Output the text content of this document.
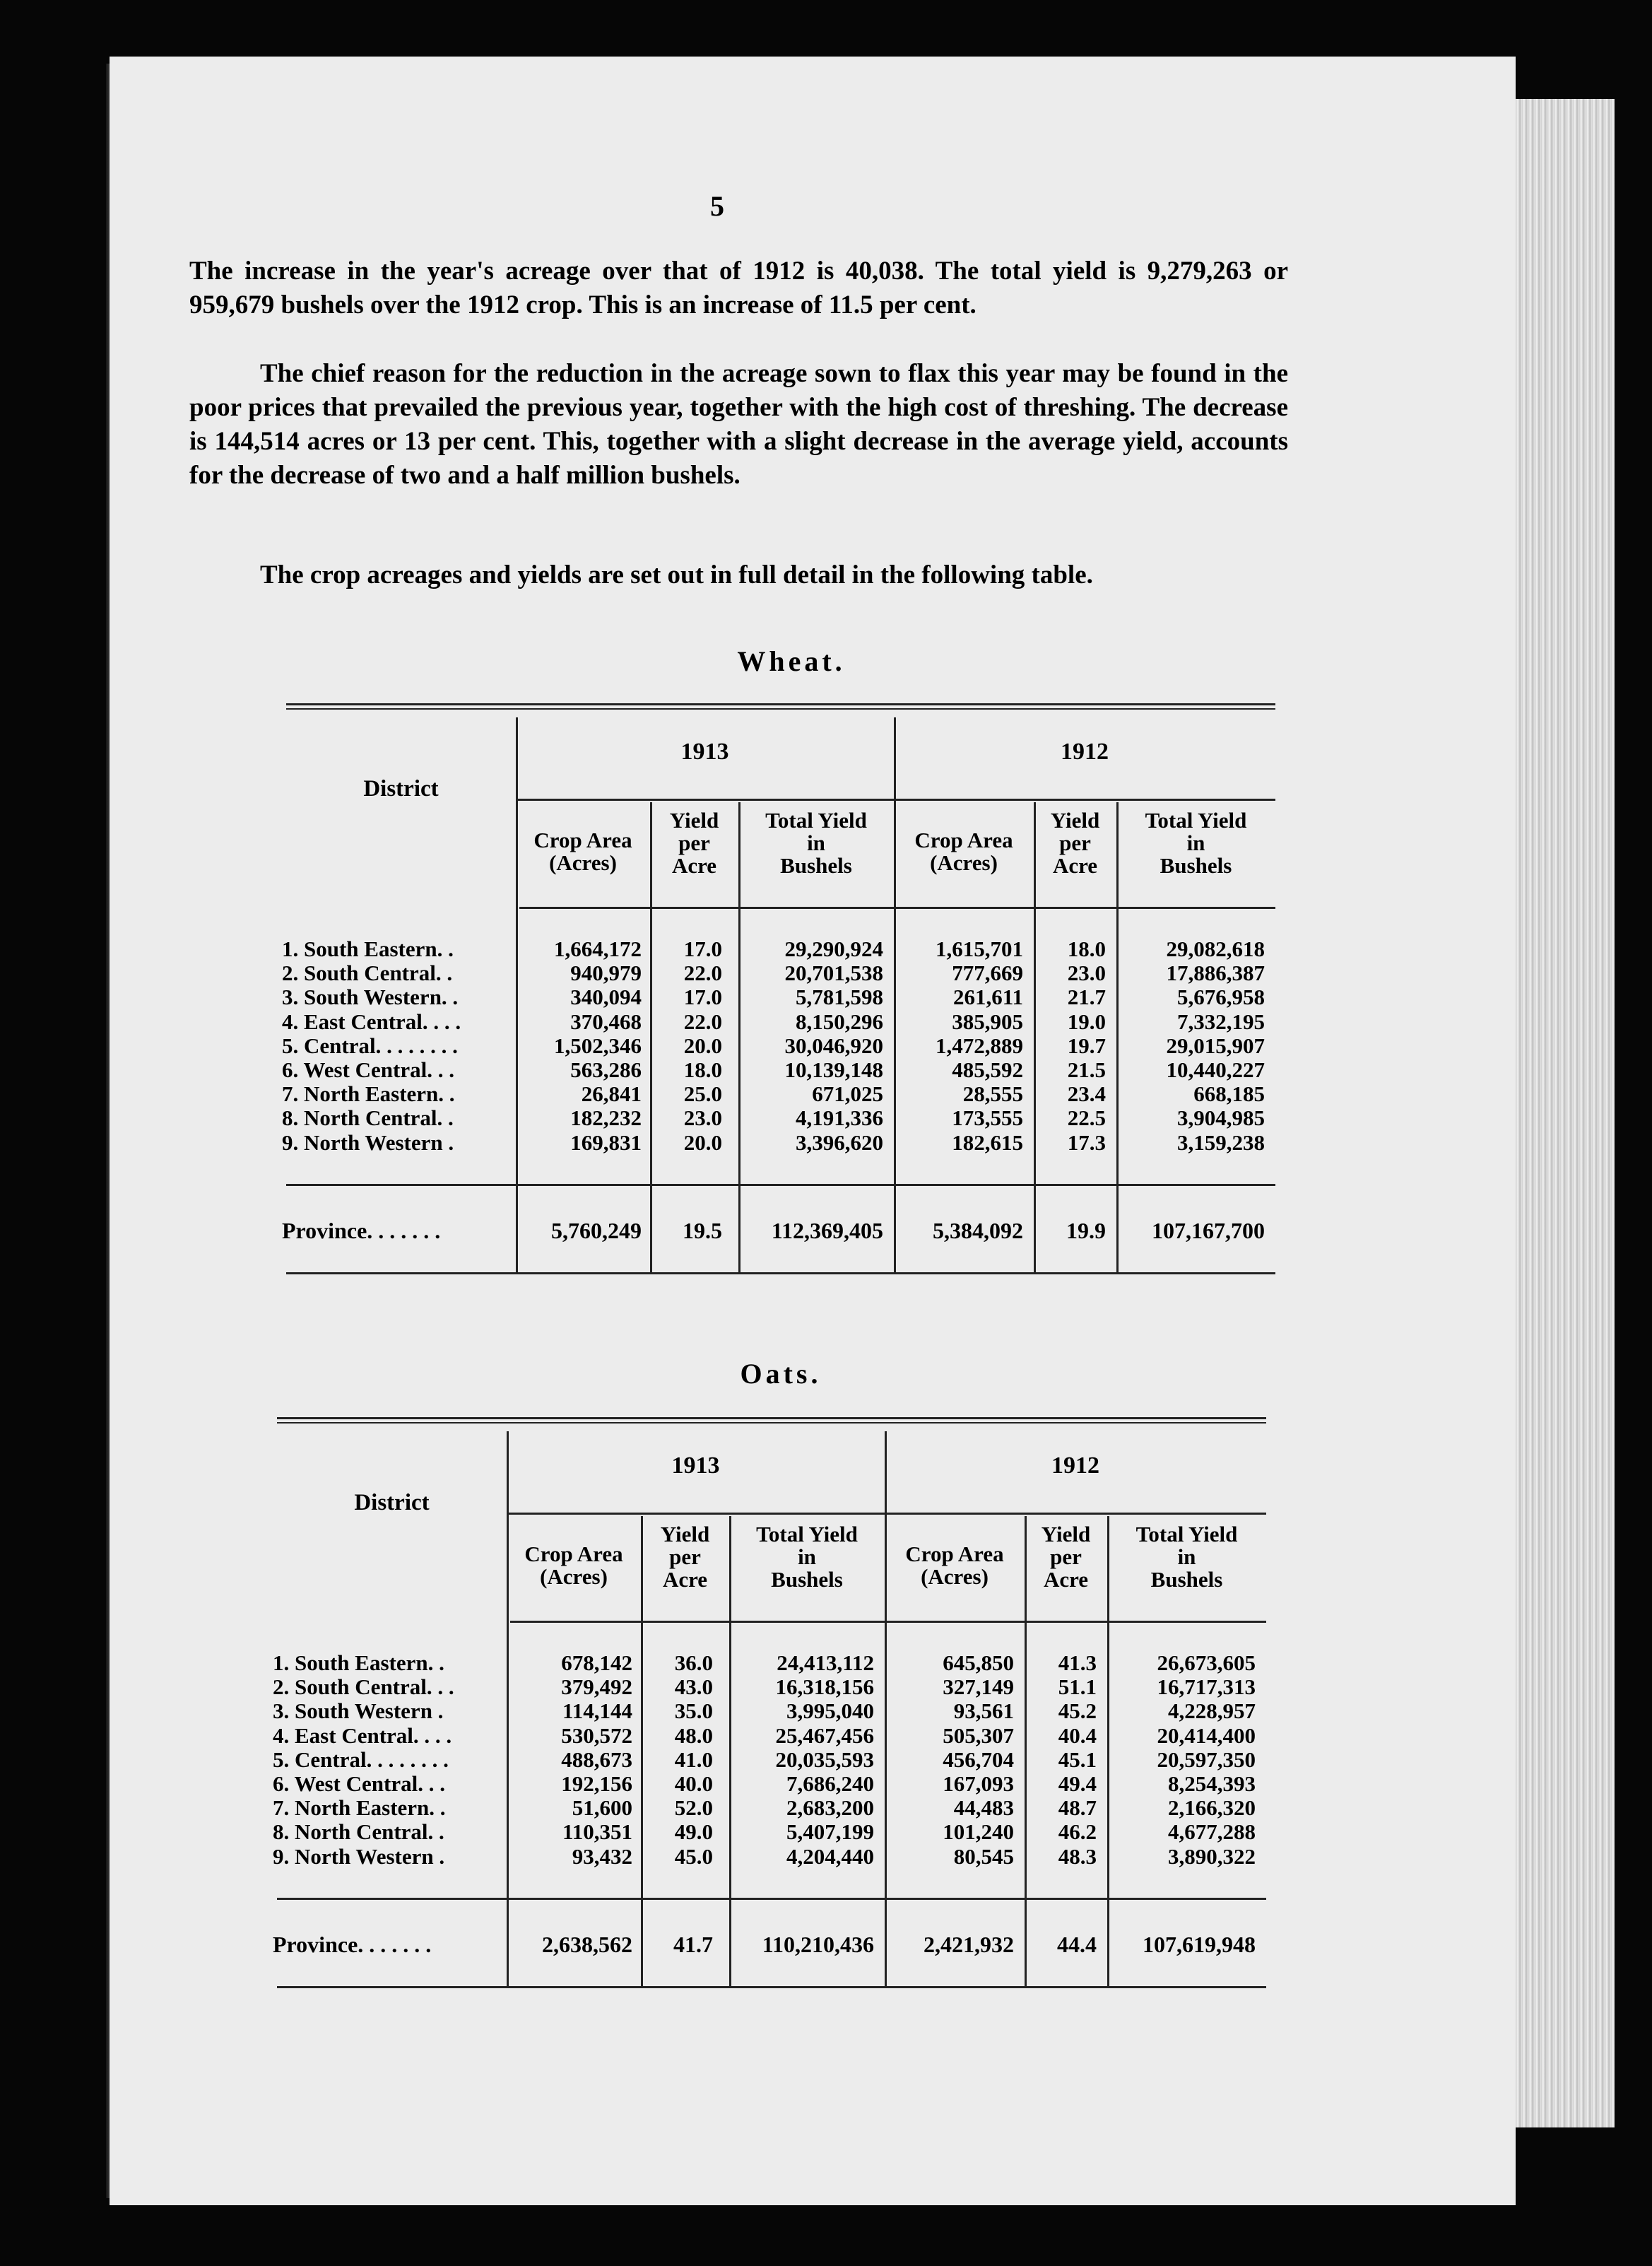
5

The increase in the year's acreage over that of 1912 is 40,038. The total yield is 9,279,263 or 959,679 bushels over the 1912 crop. This is an increase of 11.5 per cent.

The chief reason for the reduction in the acreage sown to flax this year may be found in the poor prices that prevailed the previous year, together with the high cost of threshing. The decrease is 144,514 acres or 13 per cent. This, together with a slight decrease in the average yield, accounts for the decrease of two and a half million bushels.

The crop acreages and yields are set out in full detail in the following table.

Wheat.
District
1913	1912
Crop Area
(Acres)
Yield
per
Acre
Total Yield
in
Bushels
Crop Area
(Acres)
Yield
per
Acre
Total Yield
in
Bushels
1. South Eastern. .	1,664,172	17.0	29,290,924	1,615,701	18.0	29,082,618
2. South Central. .	940,979	22.0	20,701,538	777,669	23.0	17,886,387
3. South Western. .	340,094	17.0	5,781,598	261,611	21.7	5,676,958
4. East Central. . . .	370,468	22.0	8,150,296	385,905	19.0	7,332,195
5. Central. . . . . . . .	1,502,346	20.0	30,046,920	1,472,889	19.7	29,015,907
6. West Central. . .	563,286	18.0	10,139,148	485,592	21.5	10,440,227
7. North Eastern. .	26,841	25.0	671,025	28,555	23.4	668,185
8. North Central. .	182,232	23.0	4,191,336	173,555	22.5	3,904,985
9. North Western .	169,831	20.0	3,396,620	182,615	17.3	3,159,238
Province. . . . . . .	5,760,249	19.5	112,369,405	5,384,092	19.9	107,167,700
Oats.
District
1913	1912
Crop Area
(Acres)
Yield
per
Acre
Total Yield
in
Bushels
Crop Area
(Acres)
Yield
per
Acre
Total Yield
in
Bushels
1. South Eastern. .	678,142	36.0	24,413,112	645,850	41.3	26,673,605
2. South Central. . .	379,492	43.0	16,318,156	327,149	51.1	16,717,313
3. South Western .	114,144	35.0	3,995,040	93,561	45.2	4,228,957
4. East Central. . . .	530,572	48.0	25,467,456	505,307	40.4	20,414,400
5. Central. . . . . . . .	488,673	41.0	20,035,593	456,704	45.1	20,597,350
6. West Central. . .	192,156	40.0	7,686,240	167,093	49.4	8,254,393
7. North Eastern. .	51,600	52.0	2,683,200	44,483	48.7	2,166,320
8. North Central. .	110,351	49.0	5,407,199	101,240	46.2	4,677,288
9. North Western .	93,432	45.0	4,204,440	80,545	48.3	3,890,322
Province. . . . . . .	2,638,562	41.7	110,210,436	2,421,932	44.4	107,619,948
